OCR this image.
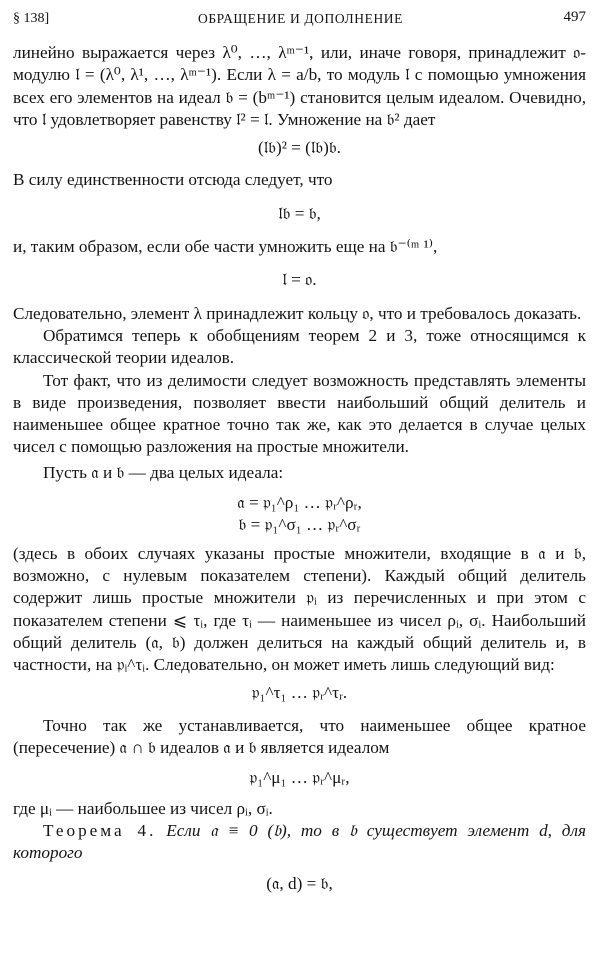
§ 138]	ОБРАЩЕНИЕ И ДОПОЛНЕНИЕ	497

линейно выражается через λ⁰, …, λᵐ⁻¹, или, иначе говоря, принадлежит 𝔬-модулю 𝔩 = (λ⁰, λ¹, …, λᵐ⁻¹). Если λ = a/b, то модуль 𝔩 с помощью умножения всех его элементов на идеал 𝔟 = (bᵐ⁻¹) становится целым идеалом. Очевидно, что 𝔩 удовлетворяет равенству 𝔩² = 𝔩. Умножение на 𝔟² дает

(𝔩𝔟)² = (𝔩𝔟)𝔟.

В силу единственности отсюда следует, что

𝔩𝔟 = 𝔟,

и, таким образом, если обе части умножить еще на 𝔟⁻⁽ᵐ ¹⁾,

𝔩 = 𝔬.

Следовательно, элемент λ принадлежит кольцу 𝔬, что и требовалось доказать.

Обратимся теперь к обобщениям теорем 2 и 3, тоже относящимся к классической теории идеалов.

Тот факт, что из делимости следует возможность представлять элементы в виде произведения, позволяет ввести наибольший общий делитель и наименьшее общее кратное точно так же, как это делается в случае целых чисел с помощью разложения на простые множители.

Пусть 𝔞 и 𝔟 — два целых идеала:

𝔞 = 𝔭₁^ρ₁ … 𝔭ᵣ^ρᵣ,

𝔟 = 𝔭₁^σ₁ … 𝔭ᵣ^σᵣ

(здесь в обоих случаях указаны простые множители, входящие в 𝔞 и 𝔟, возможно, с нулевым показателем степени). Каждый общий делитель содержит лишь простые множители 𝔭ᵢ из перечисленных и при этом с показателем степени ⩽ τᵢ, где τᵢ — наименьшее из чисел ρᵢ, σᵢ. Наибольший общий делитель (𝔞, 𝔟) должен делиться на каждый общий делитель и, в частности, на 𝔭ᵢ^τᵢ. Следовательно, он может иметь лишь следующий вид:

𝔭₁^τ₁ … 𝔭ᵣ^τᵣ.

Точно так же устанавливается, что наименьшее общее кратное (пересечение) 𝔞 ∩ 𝔟 идеалов 𝔞 и 𝔟 является идеалом

𝔭₁^μ₁ … 𝔭ᵣ^μᵣ,

где μᵢ — наибольшее из чисел ρᵢ, σᵢ.

Теорема 4. Если 𝔞 ≡ 0 (𝔟), то в 𝔟 существует элемент d, для которого

(𝔞, d) = 𝔟,
